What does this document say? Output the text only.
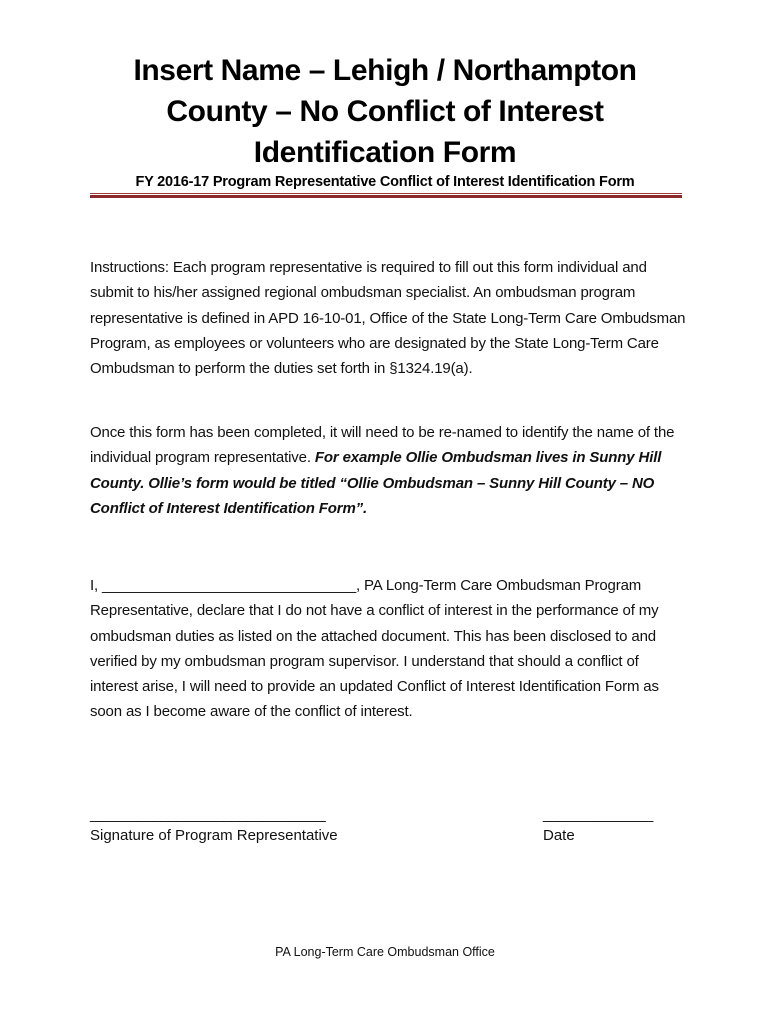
Insert Name – Lehigh / Northampton County – No Conflict of Interest Identification Form
FY 2016-17 Program Representative Conflict of Interest Identification Form
Instructions: Each program representative is required to fill out this form individual and submit to his/her assigned regional ombudsman specialist. An ombudsman program representative is defined in APD 16-10-01, Office of the State Long-Term Care Ombudsman Program, as employees or volunteers who are designated by the State Long-Term Care Ombudsman to perform the duties set forth in §1324.19(a).
Once this form has been completed, it will need to be re-named to identify the name of the individual program representative. For example Ollie Ombudsman lives in Sunny Hill County. Ollie’s form would be titled “Ollie Ombudsman – Sunny Hill County – NO Conflict of Interest Identification Form”.
I, _______________________________, PA Long-Term Care Ombudsman Program Representative, declare that I do not have a conflict of interest in the performance of my ombudsman duties as listed on the attached document. This has been disclosed to and verified by my ombudsman program supervisor. I understand that should a conflict of interest arise, I will need to provide an updated Conflict of Interest Identification Form as soon as I become aware of the conflict of interest.
______________________________	______________
Signature of Program Representative	Date
PA Long-Term Care Ombudsman Office
